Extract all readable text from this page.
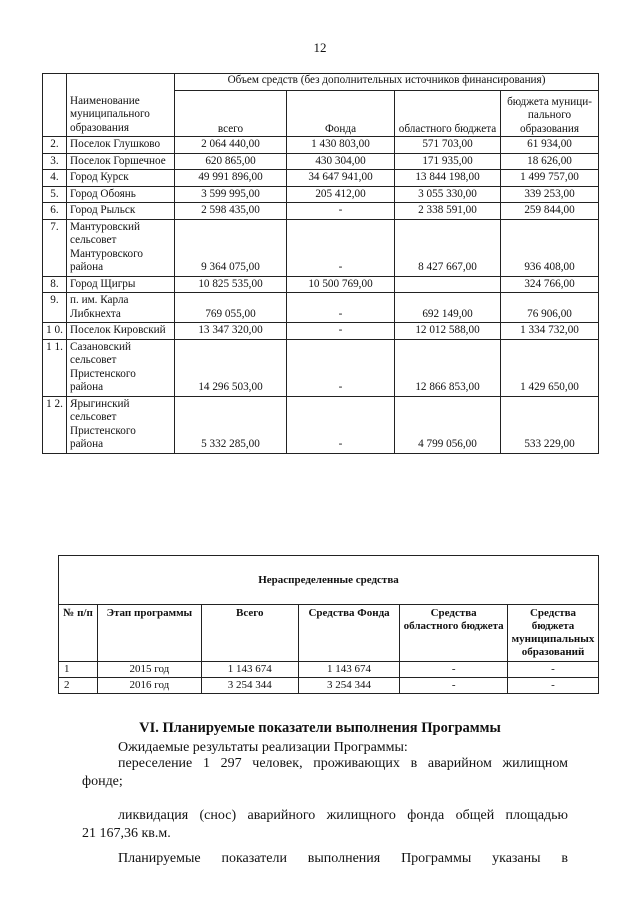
12
	Наименование муниципального образования	Объем средств (без дополнительных источников финансирования)			
		всего	Фонда	областного бюджета	бюджета муници-пального образования
2.	Поселок Глушково	2 064 440,00	1 430 803,00	571 703,00	61 934,00
3.	Поселок Горшечное	620 865,00	430 304,00	171 935,00	18 626,00
4.	Город Курск	49 991 896,00	34 647 941,00	13 844 198,00	1 499 757,00
5.	Город Обоянь	3 599 995,00	205 412,00	3 055 330,00	339 253,00
6.	Город Рыльск	2 598 435,00	-	2 338 591,00	259 844,00
7.	Мантуровский сельсовет Мантуровского района	9 364 075,00	-	8 427 667,00	936 408,00
8.	Город Щигры	10 825 535,00	10 500 769,00		324 766,00
9.	п. им. Карла Либкнехта	769 055,00	-	692 149,00	76 906,00
1 0.	Поселок Кировский	13 347 320,00	-	12 012 588,00	1 334 732,00
1 1.	Сазановский сельсовет Пристенского района	14 296 503,00	-	12 866 853,00	1 429 650,00
1 2.	Ярыгинский сельсовет Пристенского района	5 332 285,00	-	4 799 056,00	533 229,00
Нераспределенные средства					
№ п/п	Этап программы	Всего	Средства Фонда	Средства областного бюджета	Средства бюджета муниципальных образований
1	2015 год	1 143 674	1 143 674	-	-
2	2016 год	3 254 344	3 254 344	-	-
VI. Планируемые показатели выполнения Программы
Ожидаемые результаты реализации Программы:
переселение 1 297 человек, проживающих в аварийном жилищном
фонде;
ликвидация (снос) аварийного жилищного фонда общей площадью
21 167,36 кв.м.
Планируемые показатели выполнения Программы указаны в
